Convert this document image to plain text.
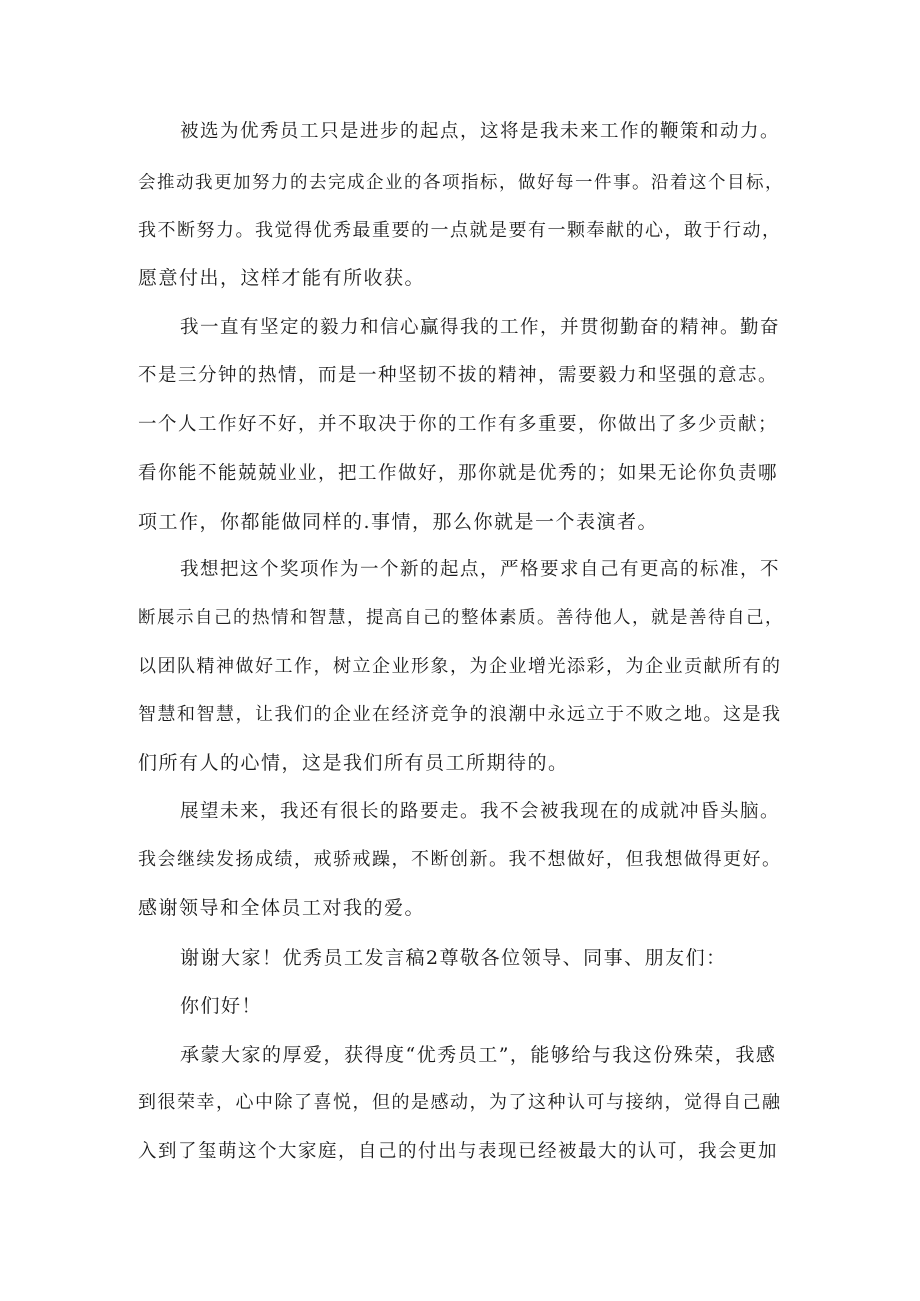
被选为优秀员工只是进步的起点，这将是我未来工作的鞭策和动力。
会推动我更加努力的去完成企业的各项指标，做好每一件事。沿着这个目标，
我不断努力。我觉得优秀最重要的一点就是要有一颗奉献的心，敢于行动，
愿意付出，这样才能有所收获。
我一直有坚定的毅力和信心赢得我的工作，并贯彻勤奋的精神。勤奋
不是三分钟的热情，而是一种坚韧不拔的精神，需要毅力和坚强的意志。
一个人工作好不好，并不取决于你的工作有多重要，你做出了多少贡献；
看你能不能兢兢业业，把工作做好，那你就是优秀的；如果无论你负责哪
项工作，你都能做同样的.事情，那么你就是一个表演者。
我想把这个奖项作为一个新的起点，严格要求自己有更高的标准，不
断展示自己的热情和智慧，提高自己的整体素质。善待他人，就是善待自己，
以团队精神做好工作，树立企业形象，为企业增光添彩，为企业贡献所有的
智慧和智慧，让我们的企业在经济竞争的浪潮中永远立于不败之地。这是我
们所有人的心情，这是我们所有员工所期待的。
展望未来，我还有很长的路要走。我不会被我现在的成就冲昏头脑。
我会继续发扬成绩，戒骄戒躁，不断创新。我不想做好，但我想做得更好。
感谢领导和全体员工对我的爱。
谢谢大家！优秀员工发言稿2尊敬各位领导、同事、朋友们：
你们好！
承蒙大家的厚爱，获得度“优秀员工”，能够给与我这份殊荣，我感
到很荣幸，心中除了喜悦，但的是感动，为了这种认可与接纳，觉得自己融
入到了玺萌这个大家庭，自己的付出与表现已经被最大的认可，我会更加
